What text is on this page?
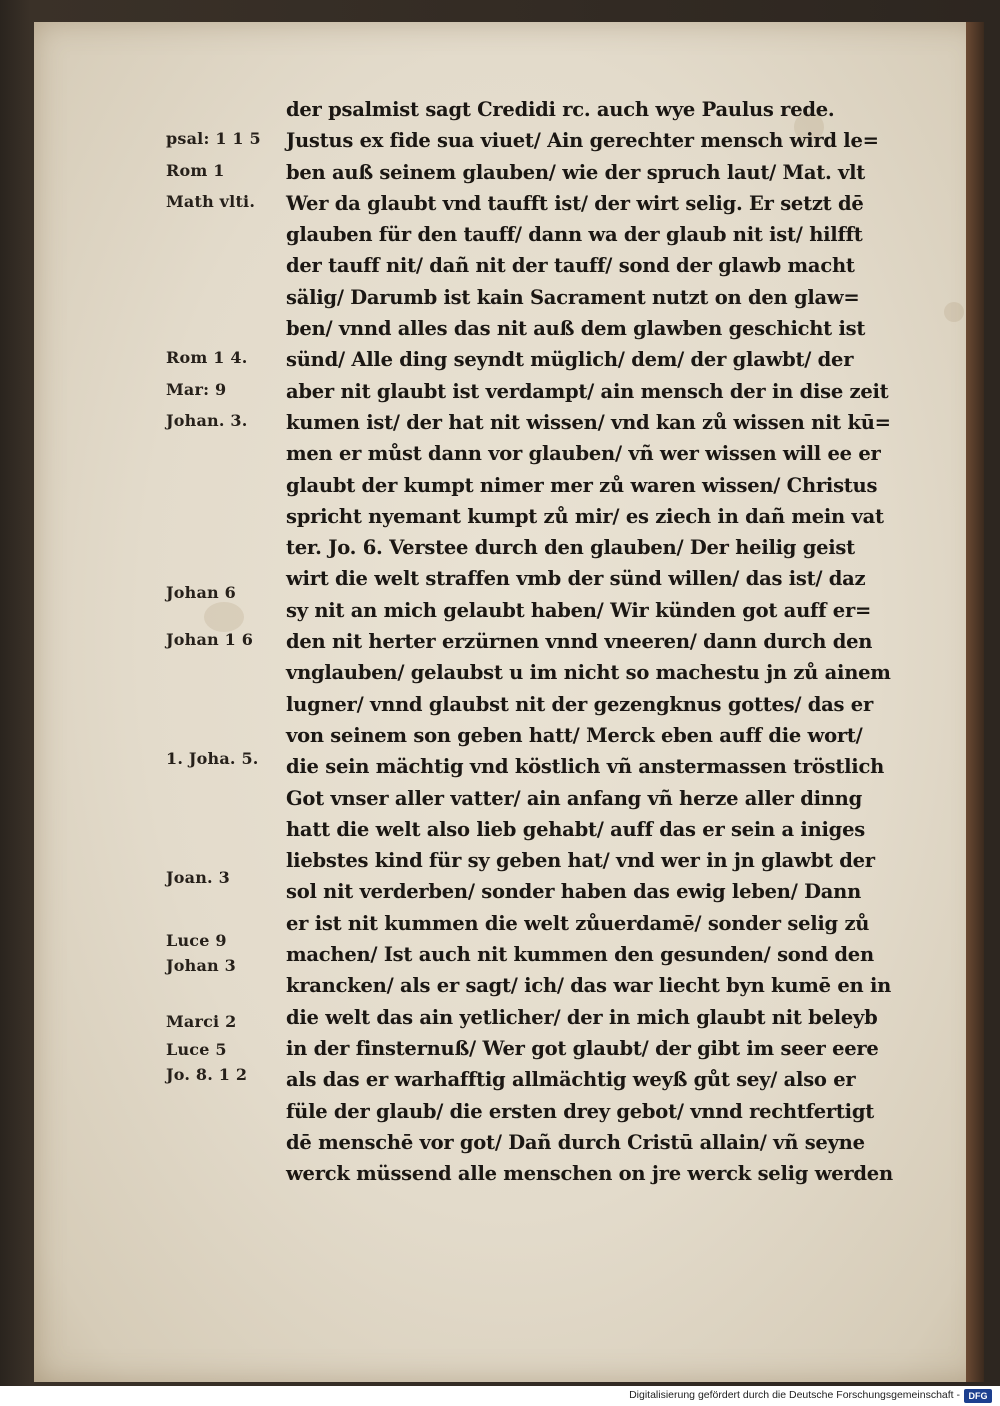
der psalmist sagt Credidi rc. auch wye Paulus rede.
Justus ex fide sua viuet/ Ain gerechter mensch wird le=
ben auß seinem glauben/ wie der spruch laut/ Mat. vlt
Wer da glaubt vnd taufft ist/ der wirt selig. Er setzt dē
glauben für den tauff/ dann wa der glaub nit ist/ hilfft
der tauff nit/ dañ nit der tauff/ sond der glawb macht
sälig/ Darumb ist kain Sacrament nutzt on den glaw=
ben/ vnnd alles das nit auß dem glawben geschicht ist
sünd/ Alle ding seyndt müglich/ dem/ der glawbt/ der
aber nit glaubt ist verdampt/ ain mensch der in dise zeit
kumen ist/ der hat nit wissen/ vnd kan zů wissen nit kū=
men er můst dann vor glauben/ vñ wer wissen will ee er
glaubt der kumpt nimer mer zů waren wissen/ Christus
spricht nyemant kumpt zů mir/ es ziech in dañ mein vat
ter. Jo. 6. Verstee durch den glauben/ Der heilig geist
wirt die welt straffen vmb der sünd willen/ das ist/ daz
sy nit an mich gelaubt haben/ Wir künden got auff er=
den nit herter erzürnen vnnd vneeren/ dann durch den
vnglauben/ gelaubst u im nicht so machestu jn zů ainem
lugner/ vnnd glaubst nit der gezengknus gottes/ das er
von seinem son geben hatt/ Merck eben auff die wort/
die sein mächtig vnd köstlich vñ anstermassen tröstlich
Got vnser aller vatter/ ain anfang vñ herze aller dinng
hatt die welt also lieb gehabt/ auff das er sein a iniges
liebstes kind für sy geben hat/ vnd wer in jn glawbt der
sol nit verderben/ sonder haben das ewig leben/ Dann
er ist nit kummen die welt zůuerdamē/ sonder selig zů
machen/ Ist auch nit kummen den gesunden/ sond den
krancken/ als er sagt/ ich/ das war liecht byn kumē en in
die welt das ain yetlicher/ der in mich glaubt nit beleyb
in der finsternuß/ Wer got glaubt/ der gibt im seer eere
als das er warhafftig allmächtig weyß gůt sey/ also er
füle der glaub/ die ersten drey gebot/ vnnd rechtfertigt
dē menschē vor got/ Dañ durch Cristū allain/ vñ seyne
werck müssend alle menschen on jre werck selig werden
psal: 1 1 5
Rom 1
Math vlti.
Rom 1 4.
Mar: 9
Johan. 3.
Johan 6
Johan 1 6
1. Joha. 5.
Joan. 3
Luce 9
Johan 3
Marci 2
Luce 5
Jo. 8. 1 2
Digitalisierung gefördert durch die Deutsche Forschungsgemeinschaft - DFG
